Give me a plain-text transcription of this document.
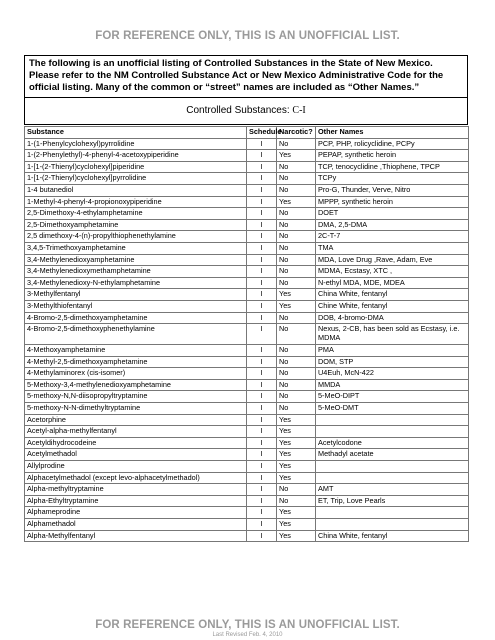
FOR REFERENCE ONLY, THIS IS AN UNOFFICIAL LIST.
The following is an unofficial listing of Controlled Substances in the State of New Mexico. Please refer to the NM Controlled Substance Act or New Mexico Administrative Code for the official listing. Many of the common or “street” names are included as “Other Names.”
Controlled Substances: C-I
Substance	Schedule	Narcotic?	Other Names
1-(1-Phenylcyclohexyl)pyrrolidine	I	No	PCP, PHP, rolicyclidine, PCPy
1-(2-Phenylethyl)-4-phenyl-4-acetoxypiperidine	I	Yes	PEPAP, synthetic heroin
1-[1-(2-Thienyl)cyclohexyl]piperidine	I	No	TCP, tenocyclidine ,Thiophene, TPCP
1-[1-(2-Thienyl)cyclohexyl]pyrrolidine	I	No	TCPy
1-4 butanediol	I	No	Pro-G, Thunder, Verve, Nitro
1-Methyl-4-phenyl-4-propionoxypiperidine	I	Yes	MPPP, synthetic heroin
2,5-Dimethoxy-4-ethylamphetamine	I	No	DOET
2,5-Dimethoxyamphetamine	I	No	DMA, 2,5-DMA
2,5 dimethoxy-4-(n)-propylthiophenethylamine	I	No	2C-T-7
3,4,5-Trimethoxyamphetamine	I	No	TMA
3,4-Methylenedioxyamphetamine	I	No	MDA, Love Drug ,Rave, Adam, Eve
3,4-Methylenedioxymethamphetamine	I	No	MDMA, Ecstasy, XTC ,
3,4-Methylenedioxy-N-ethylamphetamine	I	No	N-ethyl MDA, MDE, MDEA
3-Methylfentanyl	I	Yes	China White, fentanyl
3-Methylthiofentanyl	I	Yes	Chine White, fentanyl
4-Bromo-2,5-dimethoxyamphetamine	I	No	DOB, 4-bromo-DMA
4-Bromo-2,5-dimethoxyphenethylamine	I	No	Nexus, 2-CB, has been sold as Ecstasy, i.e. MDMA
4-Methoxyamphetamine	I	No	PMA
4-Methyl-2,5-dimethoxyamphetamine	I	No	DOM, STP
4-Methylaminorex (cis-isomer)	I	No	U4Euh, McN-422
5-Methoxy-3,4-methylenedioxyamphetamine	I	No	MMDA
5-methoxy-N,N-diisopropyltryptamine	I	No	5-MeO-DIPT
5-methoxy-N-N-dimethyltryptamine	I	No	5-MeO-DMT
Acetorphine	I	Yes	
Acetyl-alpha-methylfentanyl	I	Yes	
Acetyldihydrocodeine	I	Yes	Acetylcodone
Acetylmethadol	I	Yes	Methadyl acetate
Allylprodine	I	Yes	
Alphacetylmethadol (except levo-alphacetylmethadol)	I	Yes	
Alpha-methyltryptamine	I	No	AMT
Alpha-Ethyltryptamine	I	No	ET, Trip, Love Pearls
Alphameprodine	I	Yes	
Alphamethadol	I	Yes	
Alpha-Methylfentanyl	I	Yes	China White, fentanyl
FOR REFERENCE ONLY, THIS IS AN UNOFFICIAL LIST.
Last Revised Feb. 4, 2010
